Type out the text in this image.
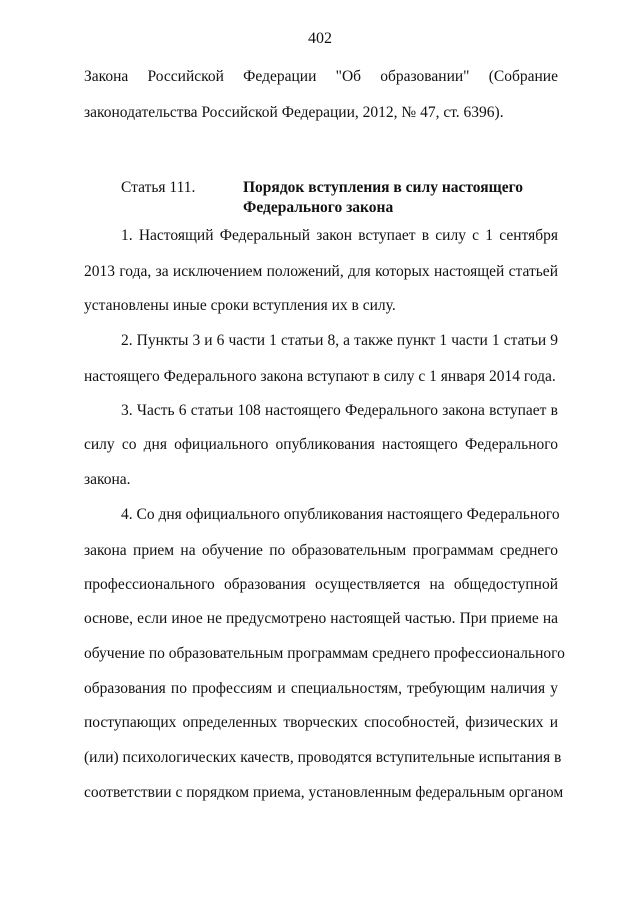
402
Закона Российской Федерации "Об образовании" (Собрание
законодательства Российской Федерации, 2012, № 47, ст. 6396).
Статья 111.	Порядок вступления в силу настоящего
Федерального закона
1. Настоящий Федеральный закон вступает в силу с 1 сентября
2013 года, за исключением положений, для которых настоящей статьей
установлены иные сроки вступления их в силу.
2. Пункты 3 и 6 части 1 статьи 8, а также пункт 1 части 1 статьи 9
настоящего Федерального закона вступают в силу с 1 января 2014 года.
3. Часть 6 статьи 108 настоящего Федерального закона вступает в
силу со дня официального опубликования настоящего Федерального
закона.
4. Со дня официального опубликования настоящего Федерального
закона прием на обучение по образовательным программам среднего
профессионального образования осуществляется на общедоступной
основе, если иное не предусмотрено настоящей частью. При приеме на
обучение по образовательным программам среднего профессионального
образования по профессиям и специальностям, требующим наличия у
поступающих определенных творческих способностей, физических и
(или) психологических качеств, проводятся вступительные испытания в
соответствии с порядком приема, установленным федеральным органом
